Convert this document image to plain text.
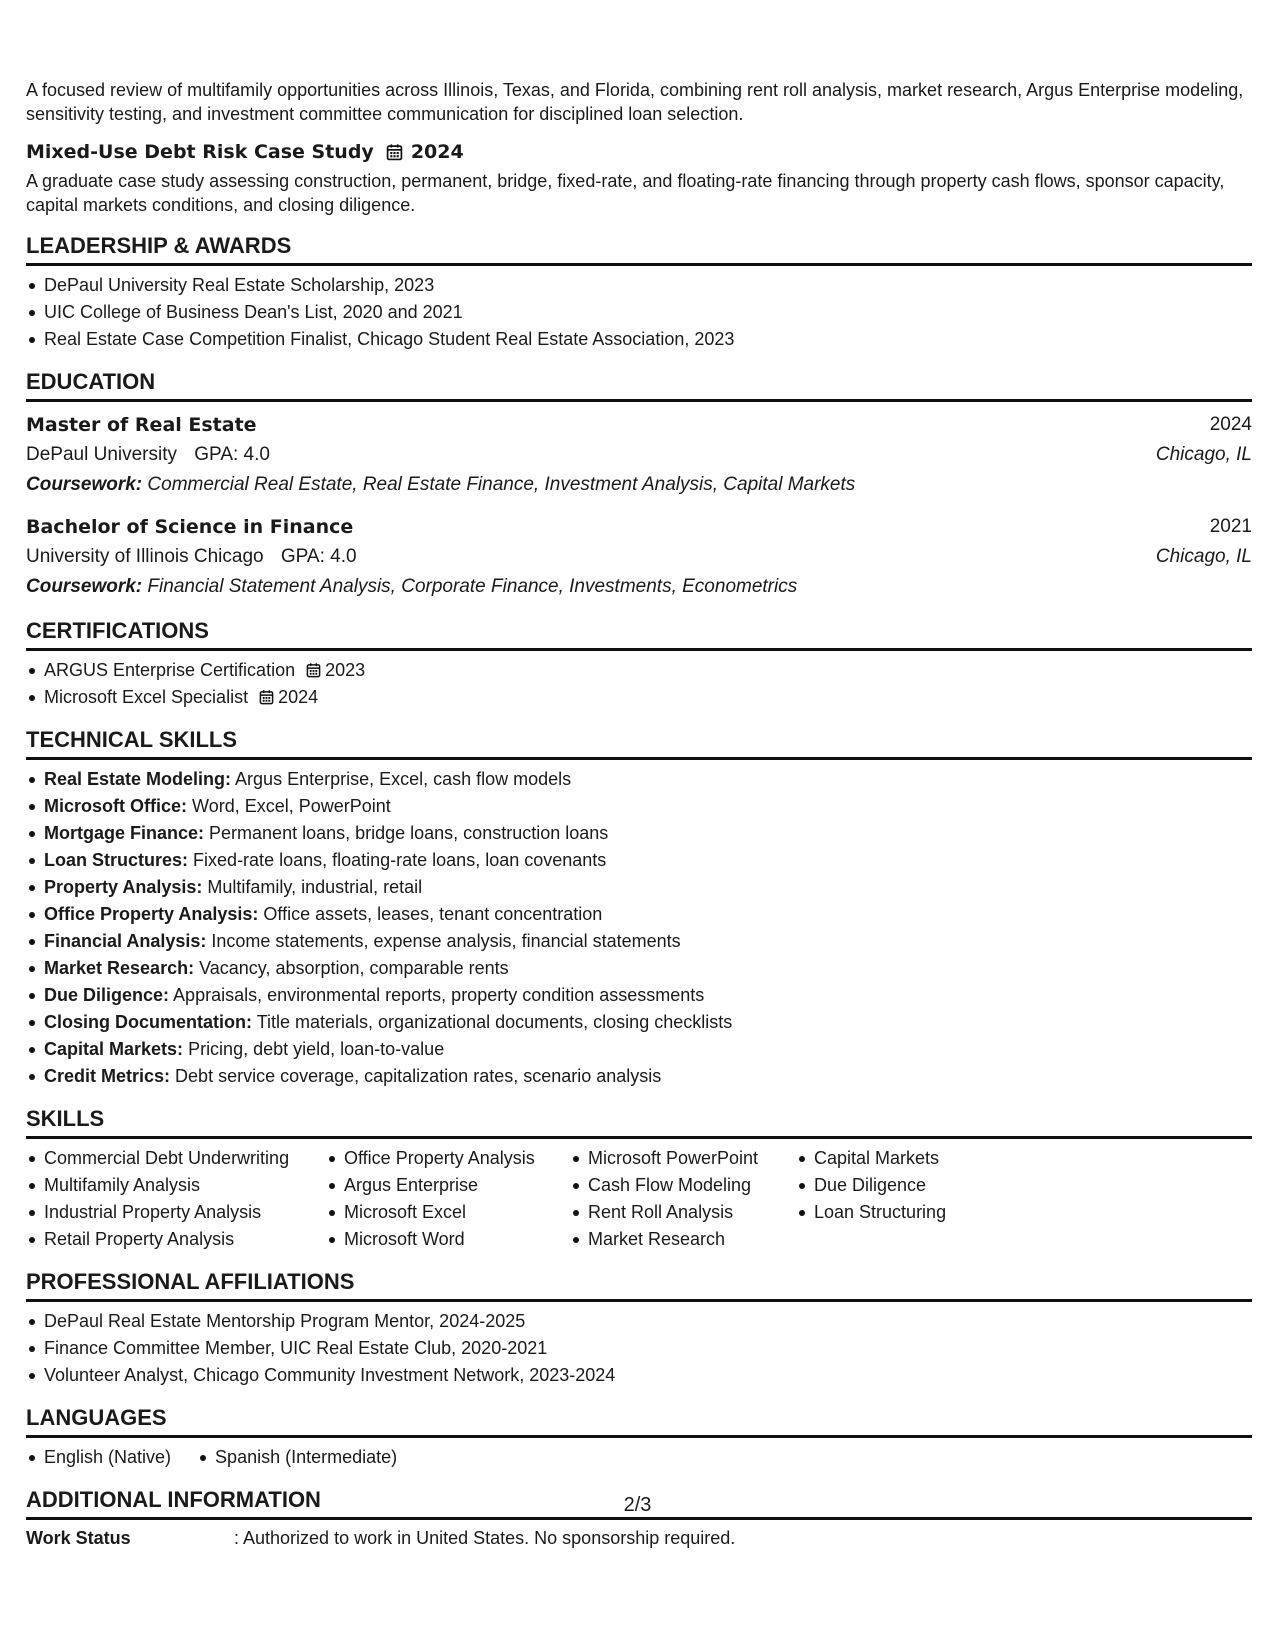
A focused review of multifamily opportunities across Illinois, Texas, and Florida, combining rent roll analysis, market research, Argus Enterprise modeling, sensitivity testing, and investment committee communication for disciplined loan selection.

Mixed-Use Debt Risk Case Study 2024

A graduate case study assessing construction, permanent, bridge, fixed-rate, and floating-rate financing through property cash flows, sponsor capacity, capital markets conditions, and closing diligence.

LEADERSHIP & AWARDS
DePaul University Real Estate Scholarship, 2023
UIC College of Business Dean's List, 2020 and 2021
Real Estate Case Competition Finalist, Chicago Student Real Estate Association, 2023
EDUCATION
Master of Real Estate	2024
DePaul University GPA: 4.0	Chicago, IL
Coursework: Commercial Real Estate, Real Estate Finance, Investment Analysis, Capital Markets
Bachelor of Science in Finance	2021
University of Illinois Chicago GPA: 4.0	Chicago, IL
Coursework: Financial Statement Analysis, Corporate Finance, Investments, Econometrics
CERTIFICATIONS
ARGUS Enterprise Certification 2023
Microsoft Excel Specialist 2024
TECHNICAL SKILLS
Real Estate Modeling: Argus Enterprise, Excel, cash flow models
Microsoft Office: Word, Excel, PowerPoint
Mortgage Finance: Permanent loans, bridge loans, construction loans
Loan Structures: Fixed-rate loans, floating-rate loans, loan covenants
Property Analysis: Multifamily, industrial, retail
Office Property Analysis: Office assets, leases, tenant concentration
Financial Analysis: Income statements, expense analysis, financial statements
Market Research: Vacancy, absorption, comparable rents
Due Diligence: Appraisals, environmental reports, property condition assessments
Closing Documentation: Title materials, organizational documents, closing checklists
Capital Markets: Pricing, debt yield, loan-to-value
Credit Metrics: Debt service coverage, capitalization rates, scenario analysis
SKILLS
Commercial Debt Underwriting
Multifamily Analysis
Industrial Property Analysis
Retail Property Analysis
Office Property Analysis
Argus Enterprise
Microsoft Excel
Microsoft Word
Microsoft PowerPoint
Cash Flow Modeling
Rent Roll Analysis
Market Research
Capital Markets
Due Diligence
Loan Structuring
PROFESSIONAL AFFILIATIONS
DePaul Real Estate Mentorship Program Mentor, 2024-2025
Finance Committee Member, UIC Real Estate Club, 2020-2021
Volunteer Analyst, Chicago Community Investment Network, 2023-2024
LANGUAGES
English (Native)	Spanish (Intermediate)
ADDITIONAL INFORMATION
Work Status	: Authorized to work in United States. No sponsorship required.
2/3
